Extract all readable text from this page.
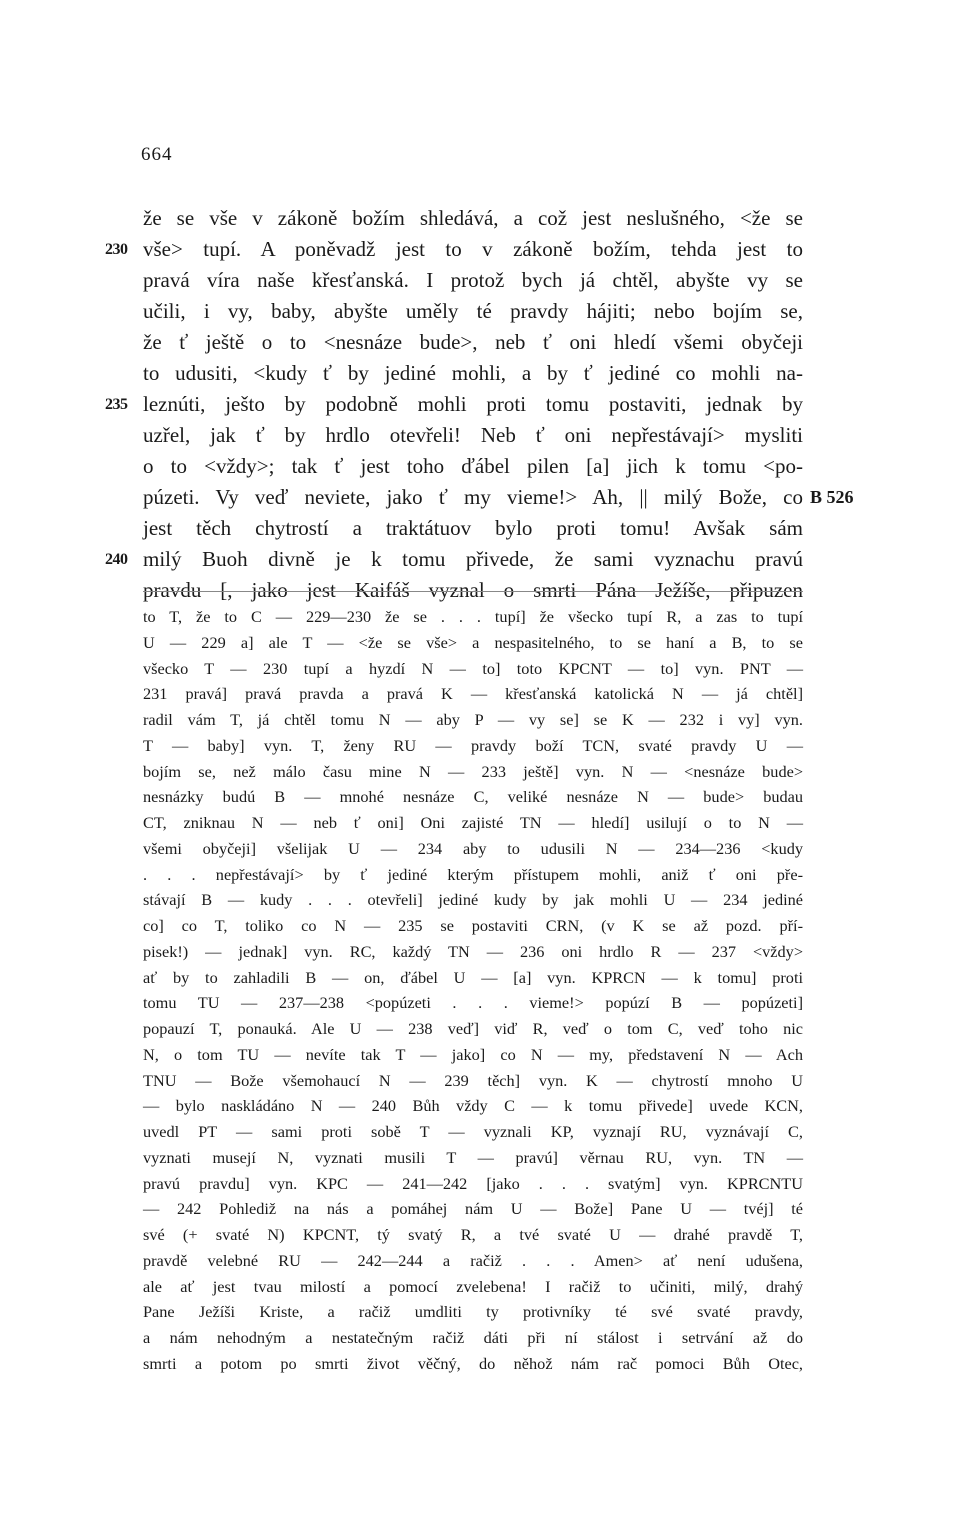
664
že se vše v zákoně božím shledává, a což jest neslušného, <že se
230 vše> tupí. A poněvadž jest to v zákoně božím, tehda jest to
pravá víra naše křesťanská. I protož bych já chtěl, abyšte vy se
učili, i vy, baby, abyšte uměly té pravdy hájiti; nebo bojím se,
že ť ještě o to <nesnáze bude>, neb ť oni hledí všemi obyčeji
to udusiti, <kudy ť by jediné mohli, a by ť jediné co mohli na-
235 leznúti, ješto by podobně mohli proti tomu postaviti, jednak by
uzřel, jak ť by hrdlo otevřeli! Neb ť oni nepřestávají> mysliti
o to <vždy>; tak ť jest toho ďábel pilen [a] jich k tomu <po-
púzeti. Vy veď neviete, jako ť my vieme!> Ah, || milý Bože, co B 526
jest těch chytrostí a traktátuov bylo proti tomu! Avšak sám
240 milý Buoh divně je k tomu přivede, že sami vyznachu pravú
pravdu [, jako jest Kaifáš vyznal o smrti Pána Ježíše, připuzen
to T, že to C — 229—230 že se . . . tupí] že všecko tupí R, a zas to tupí
U — 229 a] ale T — <že se vše> a nespasitelného, to se haní a B, to se
všecko T — 230 tupí a hyzdí N — to] toto KPCNT — to] vyn. PNT —
231 pravá] pravá pravda a pravá K — křesťanská katolická N — já chtěl]
radil vám T, já chtěl tomu N — aby P — vy se] se K — 232 i vy] vyn.
T — baby] vyn. T, ženy RU — pravdy boží TCN, svaté pravdy U —
bojím se, než málo času mine N — 233 ještě] vyn. N — <nesnáze bude>
nesnázky budú B — mnohé nesnáze C, veliké nesnáze N — bude> budau
CT, zniknau N — neb ť oni] Oni zajisté TN — hledí] usilují o to N —
všemi obyčeji] všelijak U — 234 aby to udusili N — 234—236 <kudy
. . . nepřestávají> by ť jediné kterým přístupem mohli, aniž ť oni pře-
stávají B — kudy . . . otevřeli] jediné kudy by jak mohli U — 234 jediné
co] co T, toliko co N — 235 se postaviti CRN, (v K se až pozd. pří-
pisek!) — jednak] vyn. RC, každý TN — 236 oni hrdlo R — 237 <vždy>
ať by to zahladili B — on, ďábel U — [a] vyn. KPRCN — k tomu] proti
tomu TU — 237—238 <popúzeti . . . vieme!> popúzí B — popúzeti]
popauzí T, ponauká. Ale U — 238 veď] viď R, veď o tom C, veď toho nic
N, o tom TU — nevíte tak T — jako] co N — my, představení N — Ach
TNU — Bože všemohaucí N — 239 těch] vyn. K — chytrostí mnoho U
— bylo naskládáno N — 240 Bůh vždy C — k tomu přivede] uvede KCN,
uvedl PT — sami proti sobě T — vyznali KP, vyznají RU, vyznávají C,
vyznati musejí N, vyznati musili T — pravú] věrnau RU, vyn. TN —
pravú pravdu] vyn. KPC — 241—242 [jako . . . svatým] vyn. KPRCNTU
— 242 Pohlediž na nás a pomáhej nám U — Bože] Pane U — tvéj] té
své (+ svaté N) KPCNT, tý svatý R, a tvé svaté U — drahé pravdě T,
pravdě velebné RU — 242—244 a račiž . . . Amen> ať není udušena,
ale ať jest tvau milostí a pomocí zvelebena! I račiž to učiniti, milý, drahý
Pane Ježíši Kriste, a račiž umdliti ty protivníky té své svaté pravdy,
a nám nehodným a nestatečným račiž dáti při ní stálost i setrvání až do
smrti a potom po smrti život věčný, do něhož nám rač pomoci Bůh Otec,
